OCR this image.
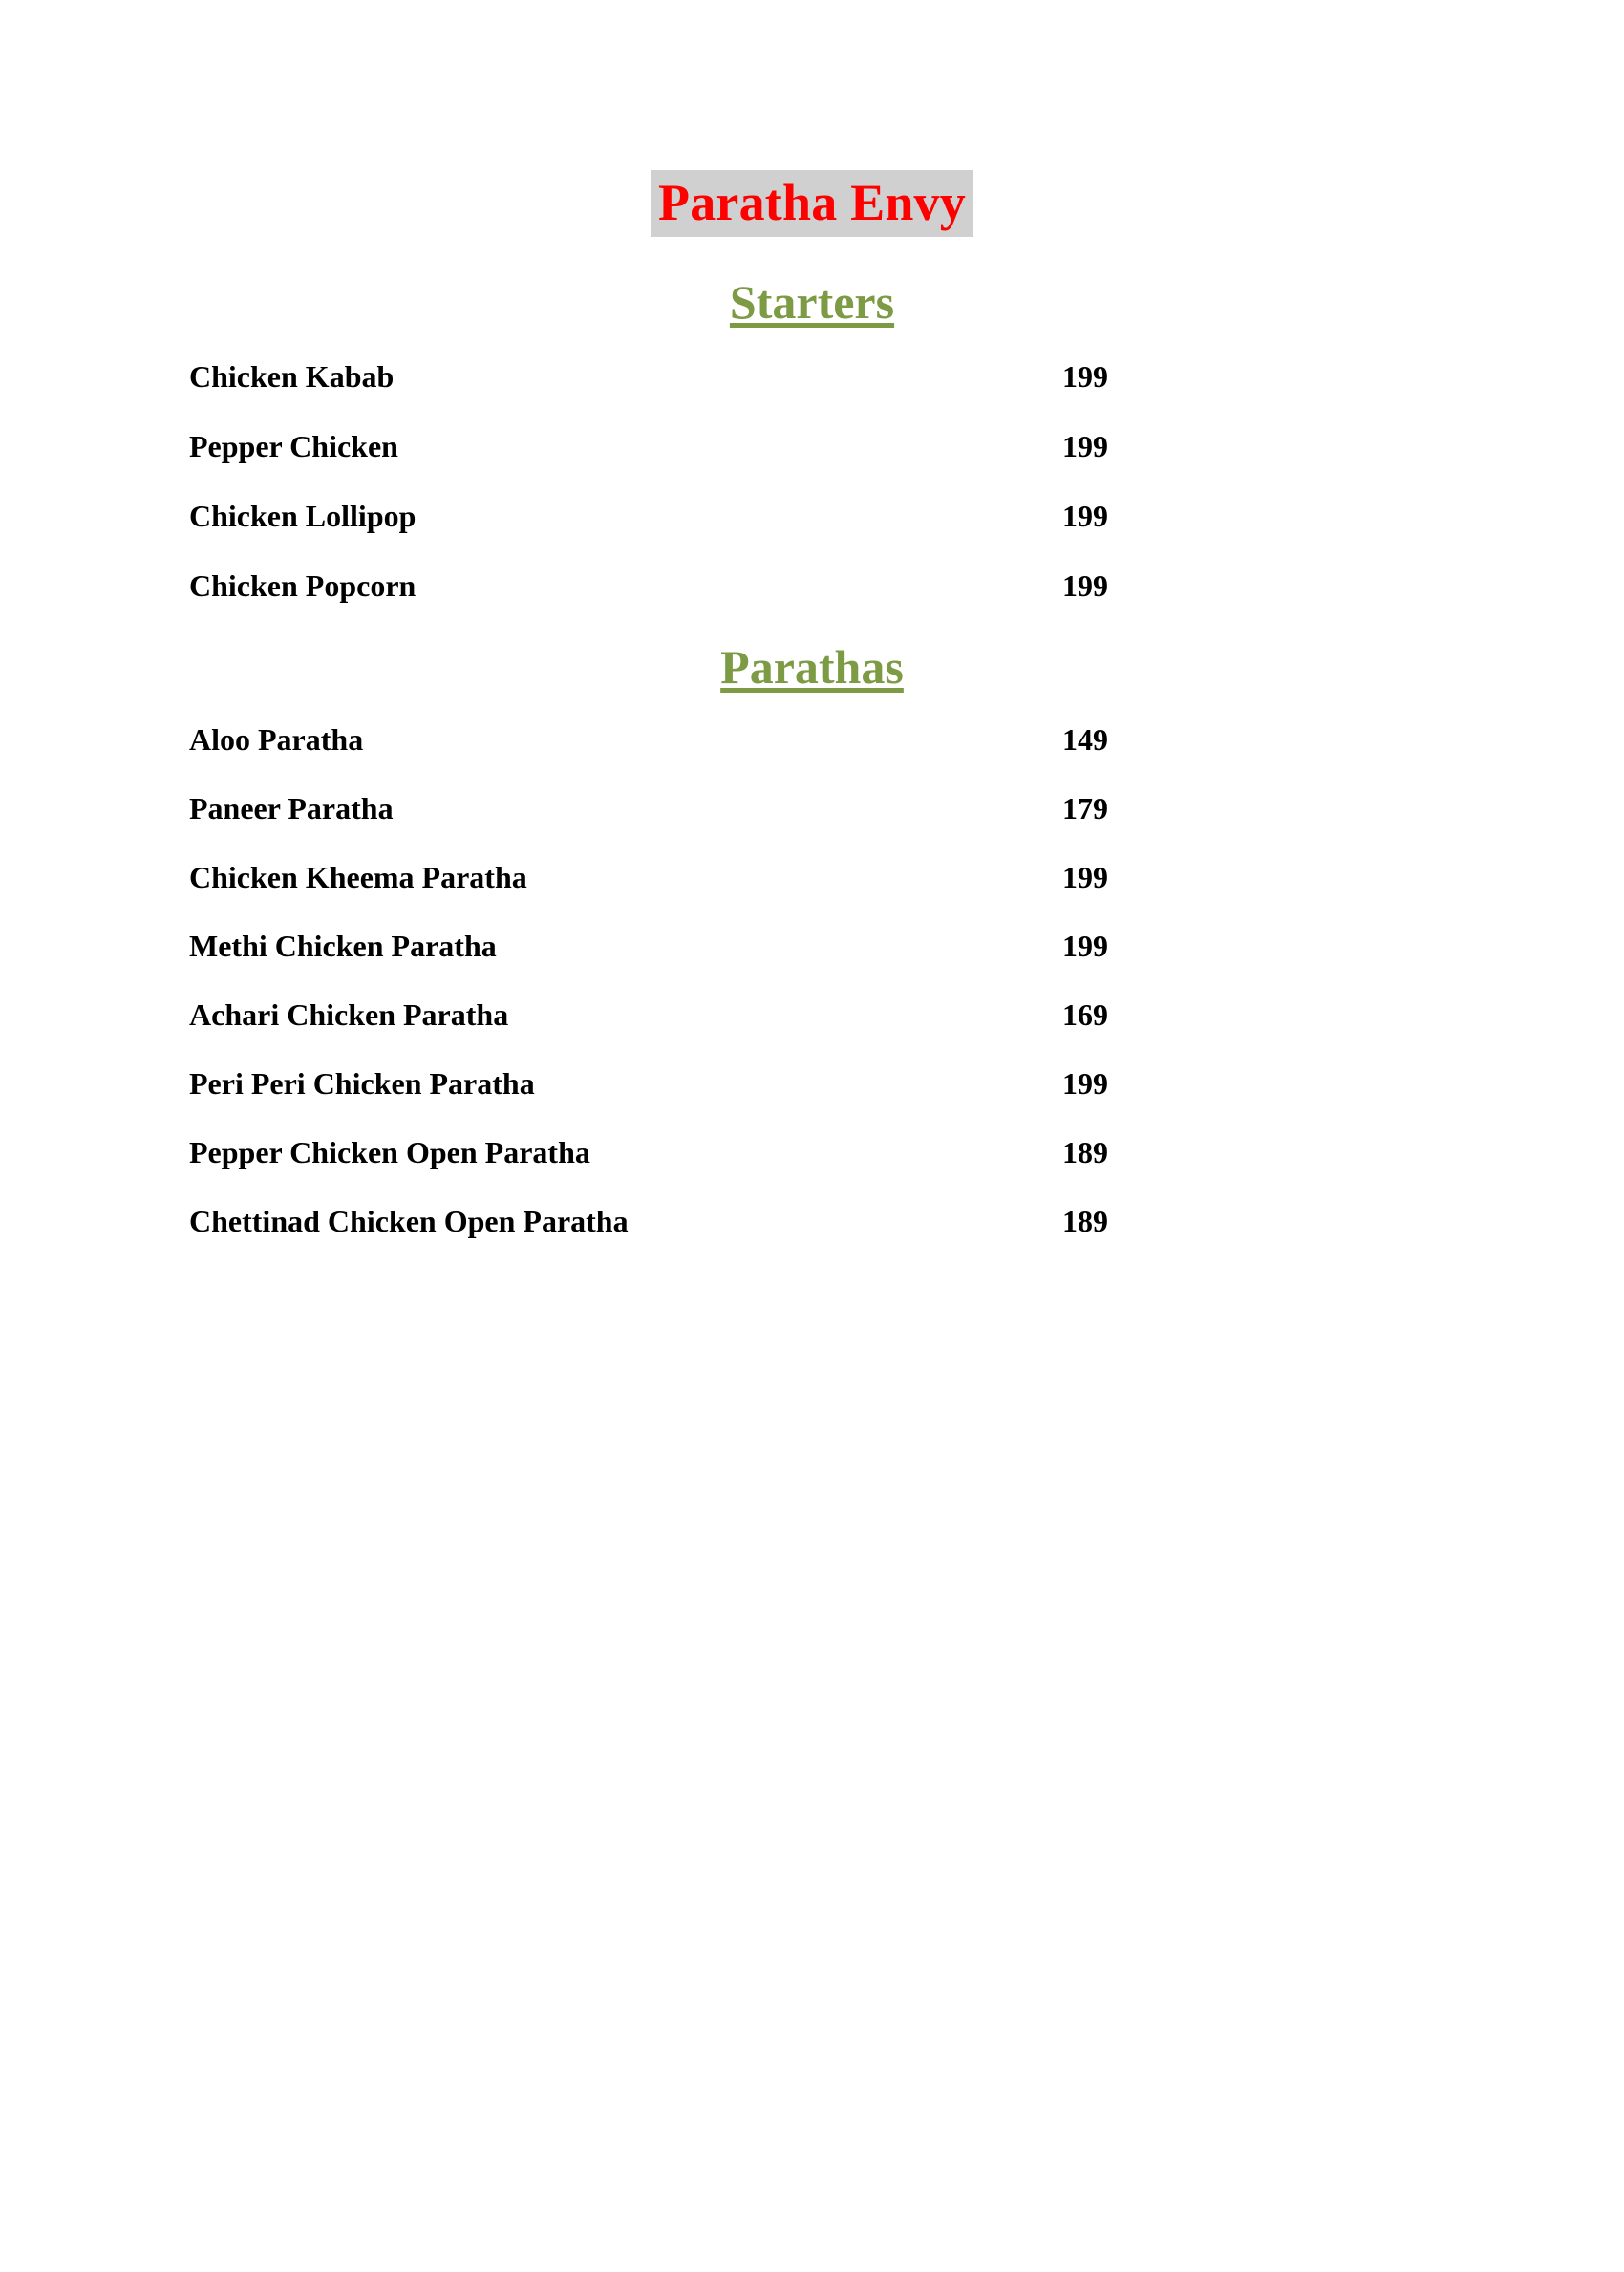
Paratha Envy
Starters
Chicken Kabab	199
Pepper Chicken	199
Chicken Lollipop	199
Chicken Popcorn	199
Parathas
Aloo Paratha	149
Paneer Paratha	179
Chicken Kheema Paratha	199
Methi Chicken Paratha	199
Achari Chicken Paratha	169
Peri Peri Chicken Paratha	199
Pepper Chicken Open Paratha	189
Chettinad Chicken Open Paratha	189
